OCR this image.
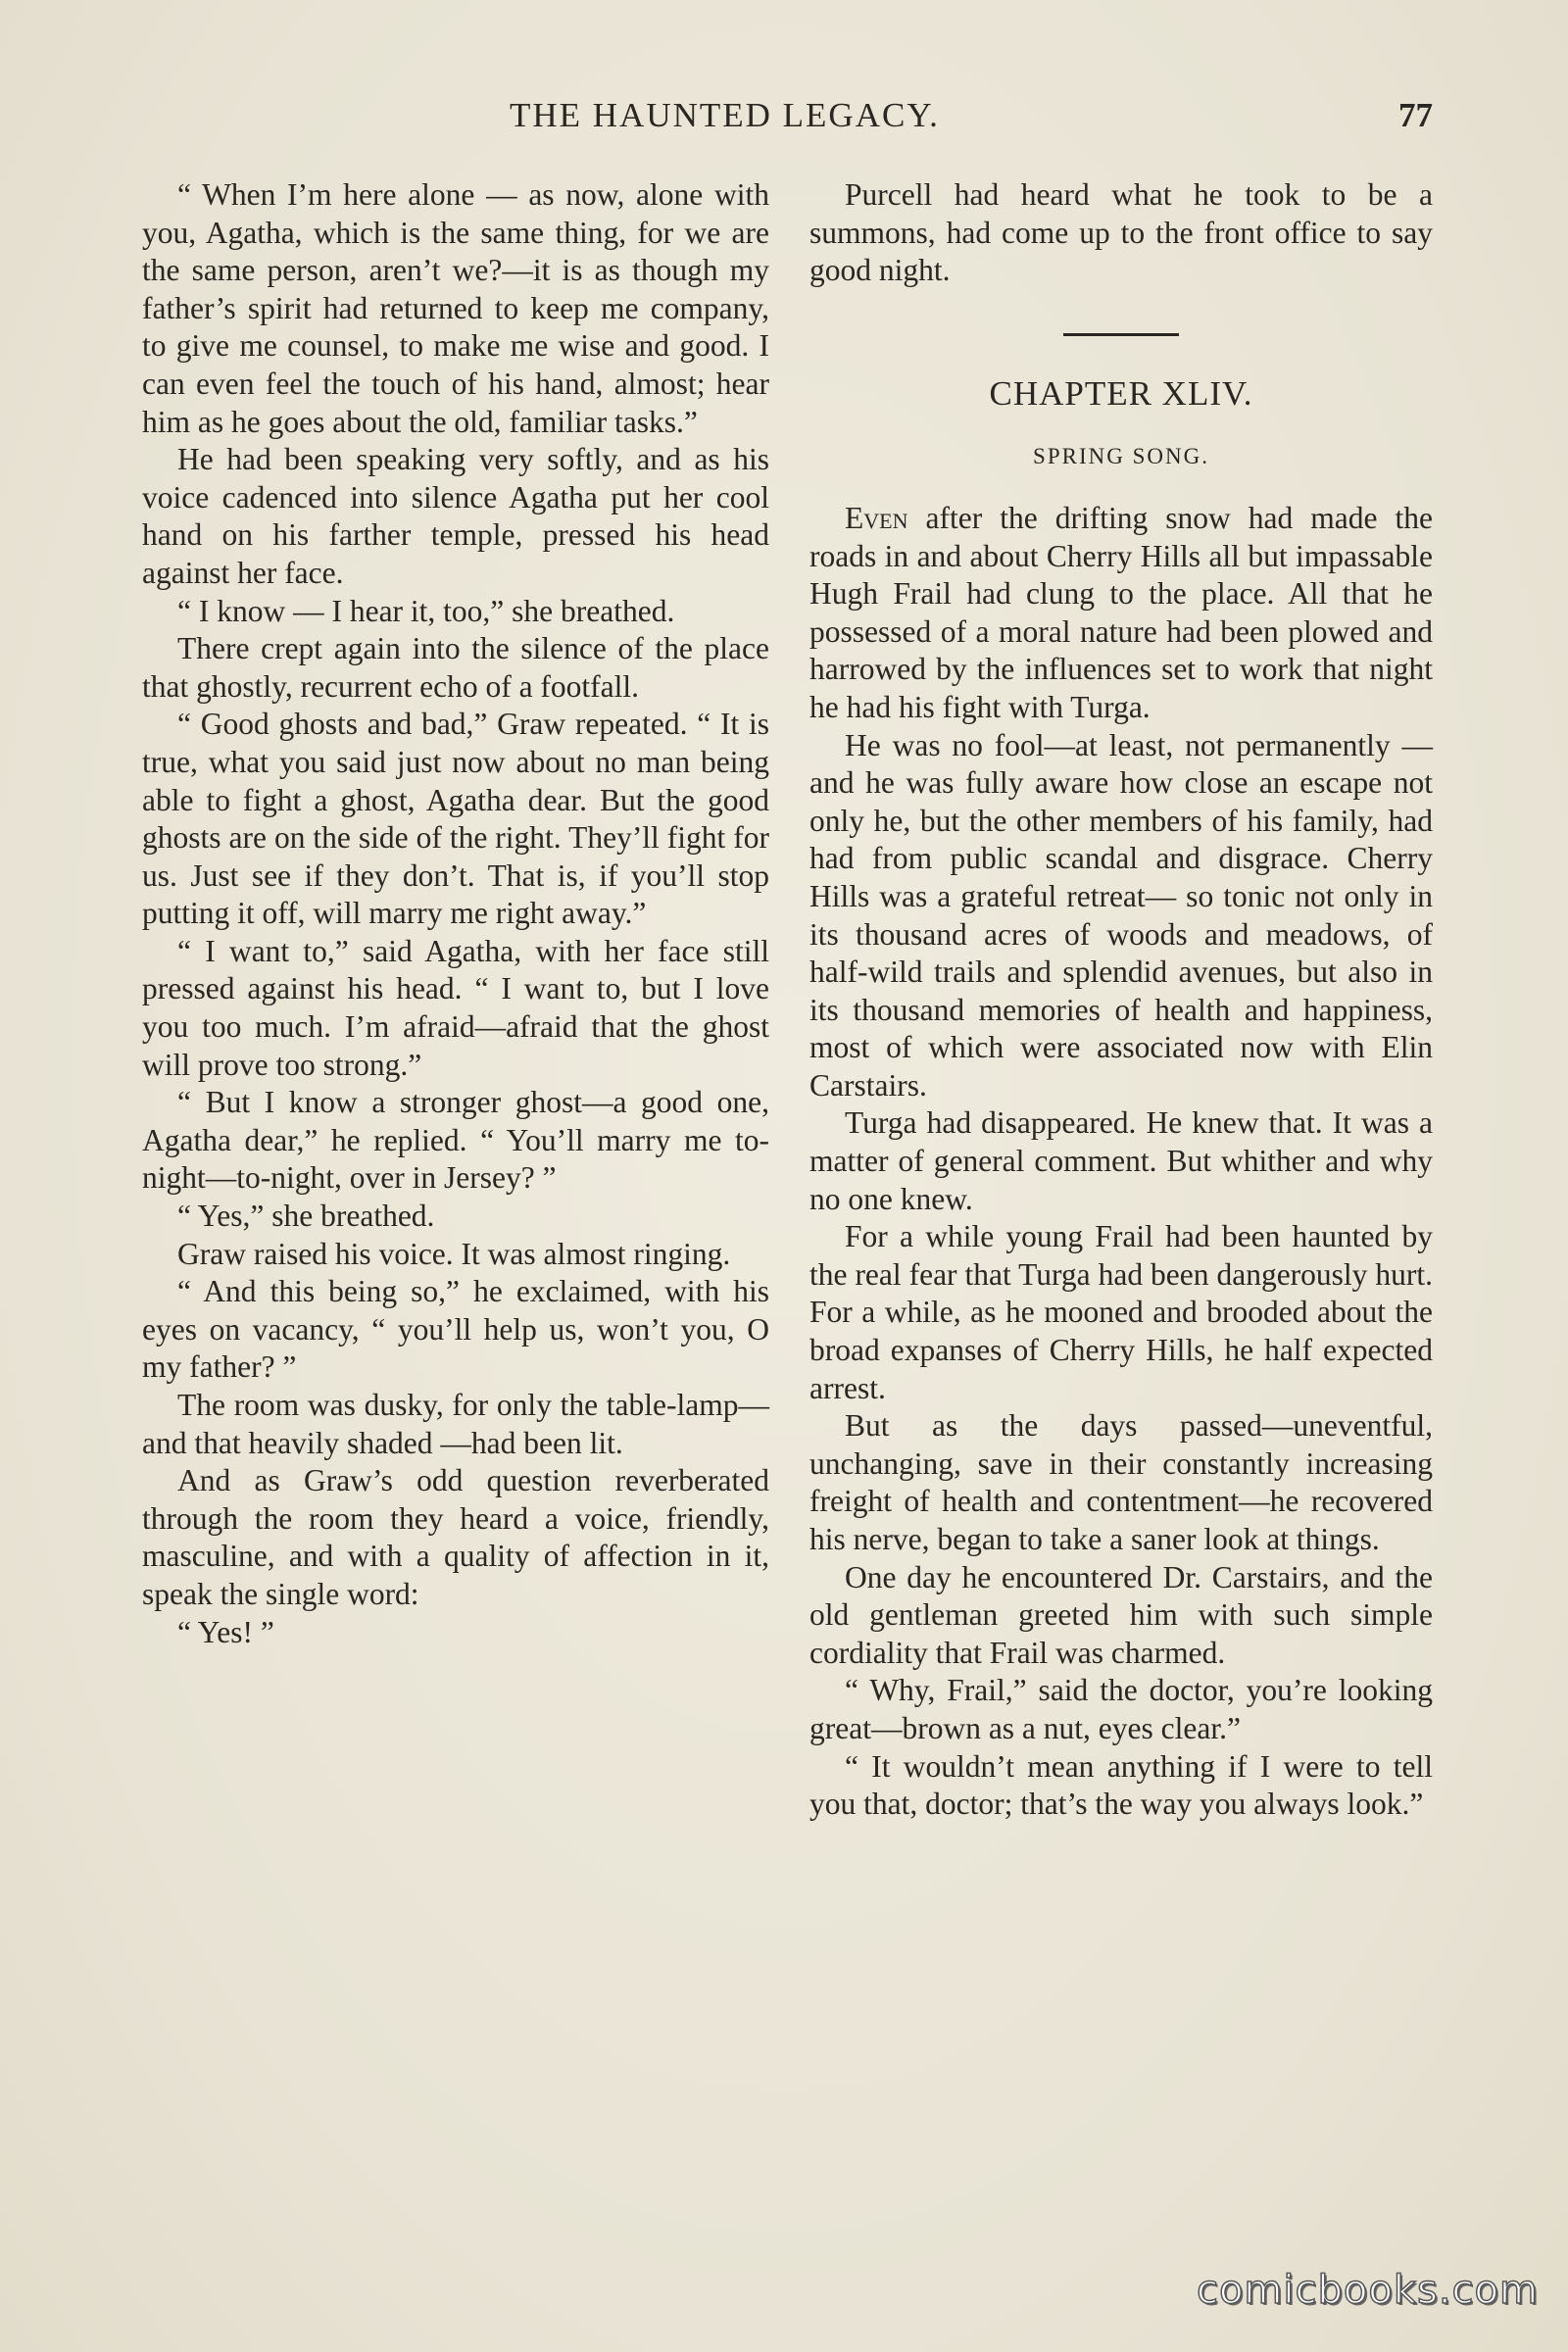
THE HAUNTED LEGACY.	77

“ When I’m here alone — as now, alone with you, Agatha, which is the same thing, for we are the same person, aren’t we?—it is as though my father’s spirit had returned to keep me company, to give me counsel, to make me wise and good. I can even feel the touch of his hand, almost; hear him as he goes about the old, familiar tasks.”

He had been speaking very softly, and as his voice cadenced into silence Agatha put her cool hand on his farther temple, pressed his head against her face.

“ I know — I hear it, too,” she breathed.

There crept again into the silence of the place that ghostly, recurrent echo of a footfall.

“ Good ghosts and bad,” Graw repeated. “ It is true, what you said just now about no man being able to fight a ghost, Agatha dear. But the good ghosts are on the side of the right. They’ll fight for us. Just see if they don’t. That is, if you’ll stop putting it off, will marry me right away.”

“ I want to,” said Agatha, with her face still pressed against his head. “ I want to, but I love you too much. I’m afraid—afraid that the ghost will prove too strong.”

“ But I know a stronger ghost—a good one, Agatha dear,” he replied. “ You’ll marry me to-night—to-night, over in Jersey? ”

“ Yes,” she breathed.

Graw raised his voice. It was almost ringing.

“ And this being so,” he exclaimed, with his eyes on vacancy, “ you’ll help us, won’t you, O my father? ”

The room was dusky, for only the table-lamp—and that heavily shaded —had been lit.

And as Graw’s odd question reverberated through the room they heard a voice, friendly, masculine, and with a quality of affection in it, speak the single word:

“ Yes! ”

Purcell had heard what he took to be a summons, had come up to the front office to say good night.

CHAPTER XLIV.
SPRING SONG.

Even after the drifting snow had made the roads in and about Cherry Hills all but impassable Hugh Frail had clung to the place. All that he possessed of a moral nature had been plowed and harrowed by the influences set to work that night he had his fight with Turga.

He was no fool—at least, not permanently — and he was fully aware how close an escape not only he, but the other members of his family, had had from public scandal and disgrace. Cherry Hills was a grateful retreat— so tonic not only in its thousand acres of woods and meadows, of half-wild trails and splendid avenues, but also in its thousand memories of health and happiness, most of which were associated now with Elin Carstairs.

Turga had disappeared. He knew that. It was a matter of general comment. But whither and why no one knew.

For a while young Frail had been haunted by the real fear that Turga had been dangerously hurt. For a while, as he mooned and brooded about the broad expanses of Cherry Hills, he half expected arrest.

But as the days passed—uneventful, unchanging, save in their constantly increasing freight of health and contentment—he recovered his nerve, began to take a saner look at things.

One day he encountered Dr. Carstairs, and the old gentleman greeted him with such simple cordiality that Frail was charmed.

“ Why, Frail,” said the doctor, you’re looking great—brown as a nut, eyes clear.”

“ It wouldn’t mean anything if I were to tell you that, doctor; that’s the way you always look.”

comicbooks.com
